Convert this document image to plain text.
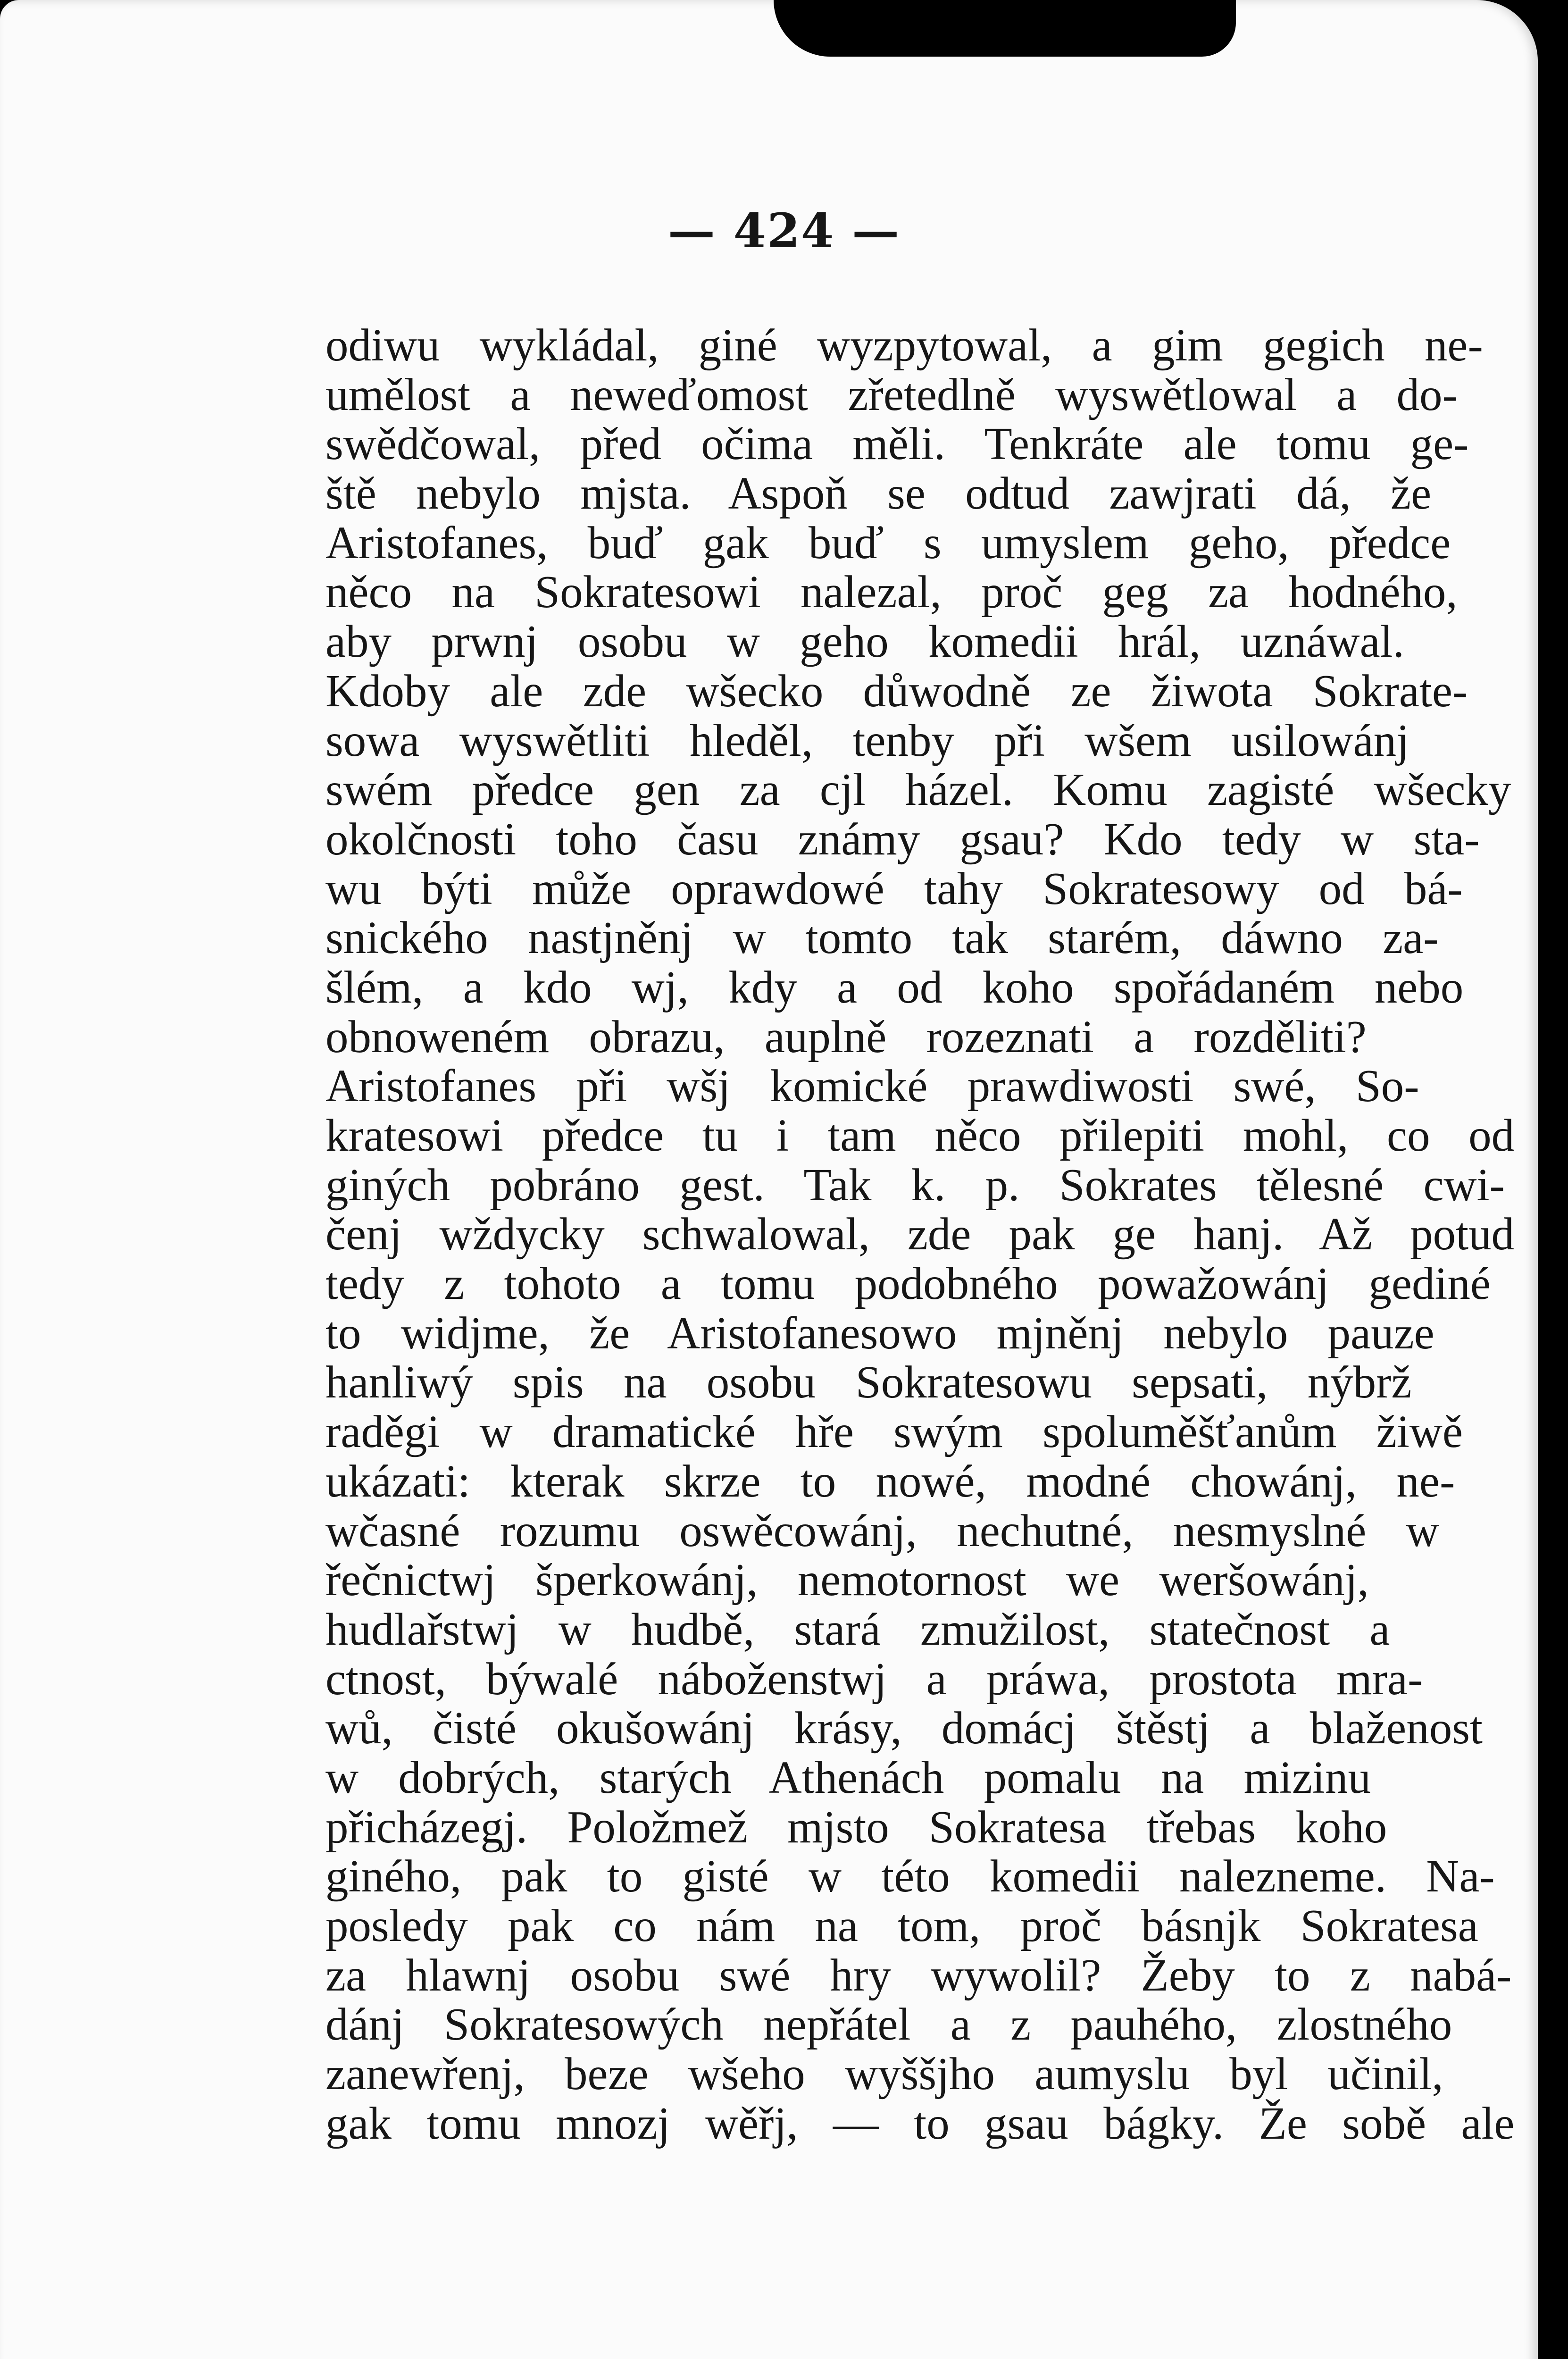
— 424 —
odiwu wykládal, giné wyzpytowal, a gim gegich ne-
umělost a neweďomost zřetedlně wyswětlowal a do-
swědčowal, před očima měli. Tenkráte ale tomu ge-
ště nebylo mjsta. Aspoň se odtud zawjrati dá, že
Aristofanes, buď gak buď s umyslem geho, předce
něco na Sokratesowi nalezal, proč geg za hodného,
aby prwnj osobu w geho komedii hrál, uznáwal.
Kdoby ale zde wšecko důwodně ze žiwota Sokrate-
sowa wyswětliti hleděl, tenby při wšem usilowánj
swém předce gen za cjl házel. Komu zagisté wšecky
okolčnosti toho času známy gsau? Kdo tedy w sta-
wu býti může oprawdowé tahy Sokratesowy od bá-
snického nastjněnj w tomto tak starém, dáwno za-
šlém, a kdo wj, kdy a od koho spořádaném nebo
obnoweném obrazu, auplně rozeznati a rozděliti?
Aristofanes při wšj komické prawdiwosti swé, So-
kratesowi předce tu i tam něco přilepiti mohl, co od
giných pobráno gest. Tak k. p. Sokrates tělesné cwi-
čenj wždycky schwalowal, zde pak ge hanj. Až potud
tedy z tohoto a tomu podobného powažowánj gediné
to widjme, že Aristofanesowo mjněnj nebylo pauze
hanliwý spis na osobu Sokratesowu sepsati, nýbrž
raděgi w dramatické hře swým spoluměšťanům žiwě
ukázati: kterak skrze to nowé, modné chowánj, ne-
wčasné rozumu oswěcowánj, nechutné, nesmyslné w
řečnictwj šperkowánj, nemotornost we weršowánj,
hudlařstwj w hudbě, stará zmužilost, statečnost a
ctnost, býwalé náboženstwj a práwa, prostota mra-
wů, čisté okušowánj krásy, domácj štěstj a blaženost
w dobrých, starých Athenách pomalu na mizinu
přicházegj. Položmež mjsto Sokratesa třebas koho
giného, pak to gisté w této komedii nalezneme. Na-
posledy pak co nám na tom, proč básnjk Sokratesa
za hlawnj osobu swé hry wywolil? Žeby to z nabá-
dánj Sokratesowých nepřátel a z pauhého, zlostného
zanewřenj, beze wšeho wyššjho aumyslu byl učinil,
gak tomu mnozj wěřj, — to gsau bágky. Že sobě ale
